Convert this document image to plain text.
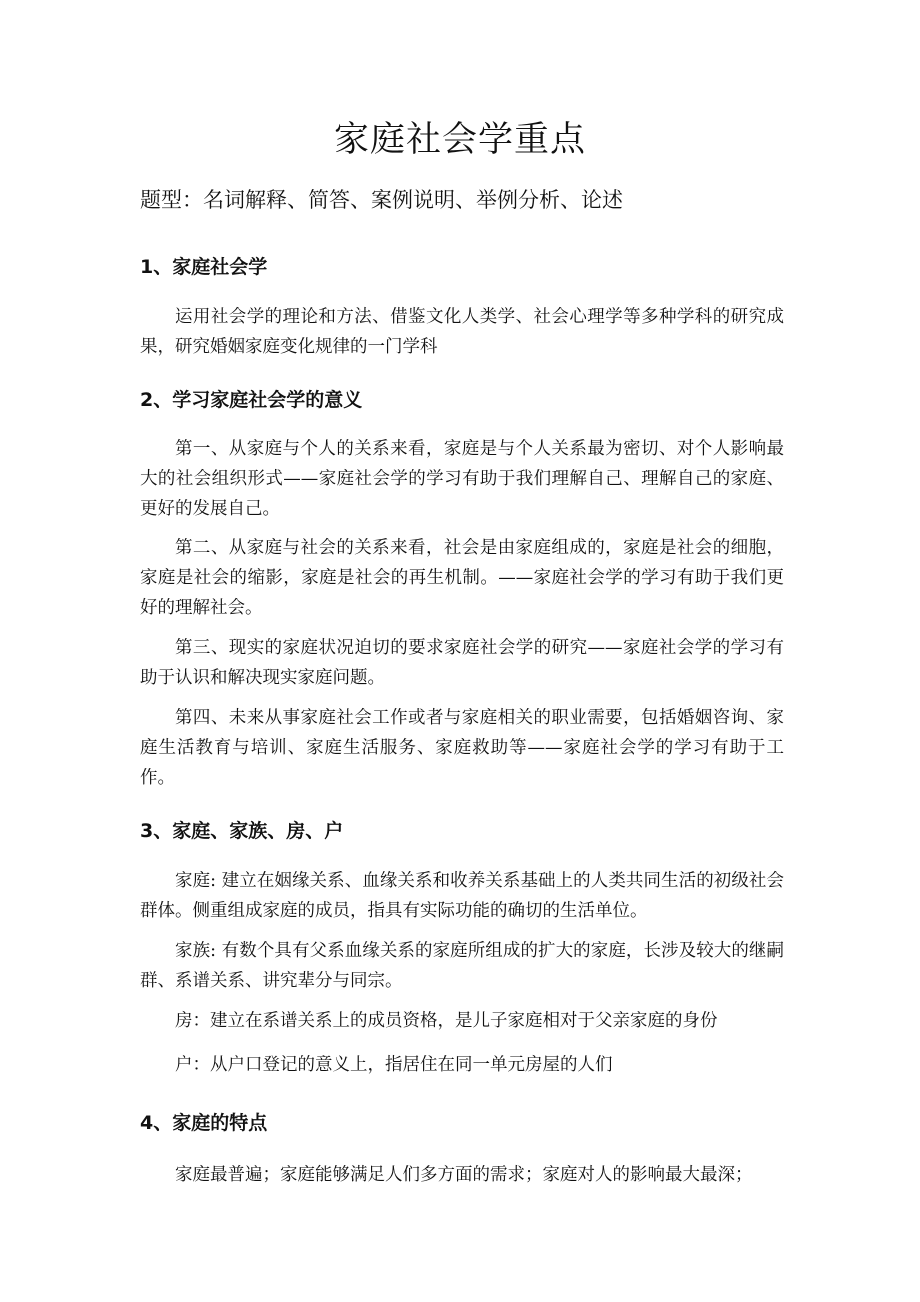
家庭社会学重点

题型：名词解释、简答、案例说明、举例分析、论述

1、家庭社会学

运用社会学的理论和方法、借鉴文化人类学、社会心理学等多种学科的研究成果，研究婚姻家庭变化规律的一门学科

2、学习家庭社会学的意义

第一、从家庭与个人的关系来看，家庭是与个人关系最为密切、对个人影响最大的社会组织形式——家庭社会学的学习有助于我们理解自己、理解自己的家庭、更好的发展自己。

第二、从家庭与社会的关系来看，社会是由家庭组成的，家庭是社会的细胞，家庭是社会的缩影，家庭是社会的再生机制。——家庭社会学的学习有助于我们更好的理解社会。

第三、现实的家庭状况迫切的要求家庭社会学的研究——家庭社会学的学习有助于认识和解决现实家庭问题。

第四、未来从事家庭社会工作或者与家庭相关的职业需要，包括婚姻咨询、家庭生活教育与培训、家庭生活服务、家庭救助等——家庭社会学的学习有助于工作。

3、家庭、家族、房、户

家庭: 建立在姻缘关系、血缘关系和收养关系基础上的人类共同生活的初级社会群体。侧重组成家庭的成员，指具有实际功能的确切的生活单位。

家族: 有数个具有父系血缘关系的家庭所组成的扩大的家庭，长涉及较大的继嗣群、系谱关系、讲究辈分与同宗。

房：建立在系谱关系上的成员资格，是儿子家庭相对于父亲家庭的身份

户：从户口登记的意义上，指居住在同一单元房屋的人们

4、家庭的特点

家庭最普遍；家庭能够满足人们多方面的需求；家庭对人的影响最大最深；
